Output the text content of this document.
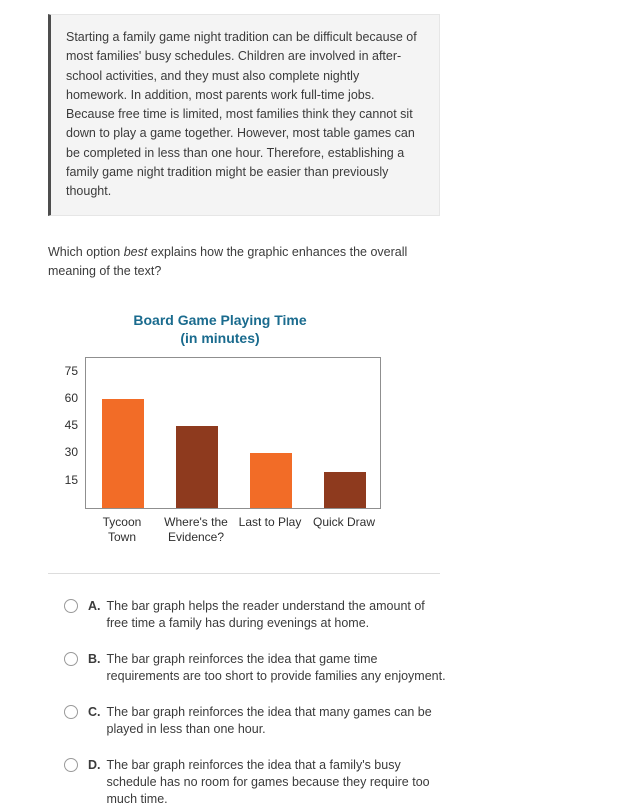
Starting a family game night tradition can be difficult because of most families' busy schedules. Children are involved in after-school activities, and they must also complete nightly homework. In addition, most parents work full-time jobs. Because free time is limited, most families think they cannot sit down to play a game together. However, most table games can be completed in less than one hour. Therefore, establishing a family game night tradition might be easier than previously thought.

Which option best explains how the graphic enhances the overall meaning of the text?

Board Game Playing Time
(in minutes)
15
30
45
60
75
Tycoon
Town
Where's the
Evidence?
Last to Play Quick Draw
A. The bar graph helps the reader understand the amount of free time a family has during evenings at home.
B. The bar graph reinforces the idea that game time requirements are too short to provide families any enjoyment.
C. The bar graph reinforces the idea that many games can be played in less than one hour.
D. The bar graph reinforces the idea that a family's busy schedule has no room for games because they require too much time.
